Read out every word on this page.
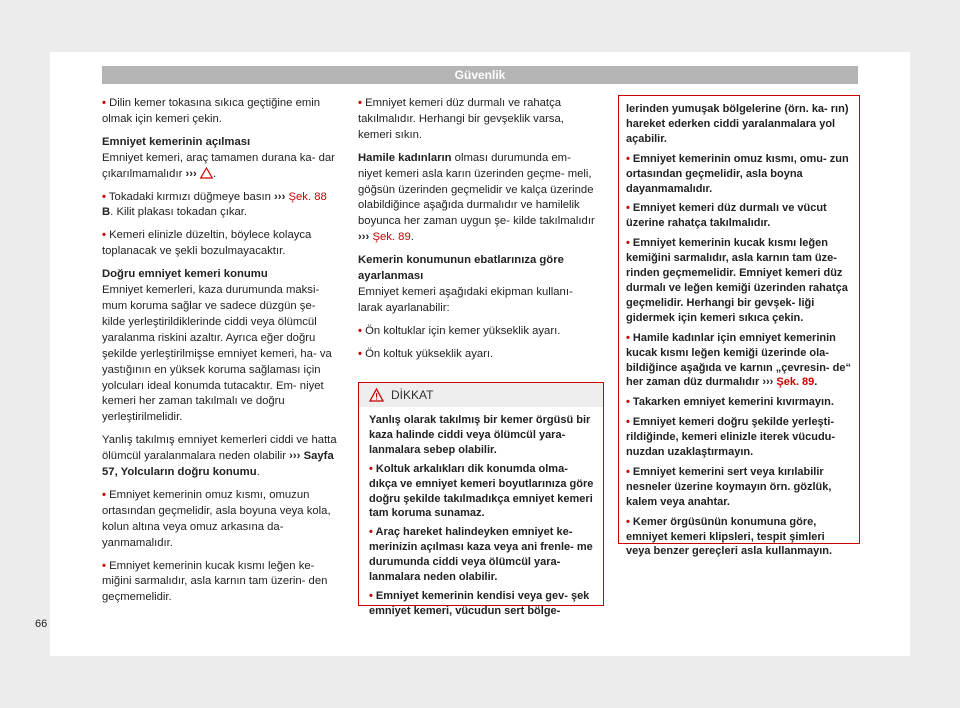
Güvenlik

• Dilin kemer tokasına sıkıca geçtiğine emin olmak için kemeri çekin.

Emniyet kemerinin açılması

Emniyet kemeri, araç tamamen durana ka- dar çıkarılmamalıdır ››› .

• Tokadaki kırmızı düğmeye basın ››› Şek. 88 B. Kilit plakası tokadan çıkar.

• Kemeri elinizle düzeltin, böylece kolayca toplanacak ve şekli bozulmayacaktır.

Doğru emniyet kemeri konumu

Emniyet kemerleri, kaza durumunda maksi- mum koruma sağlar ve sadece düzgün şe- kilde yerleştirildiklerinde ciddi veya ölümcül yaralanma riskini azaltır. Ayrıca eğer doğru şekilde yerleştirilmişse emniyet kemeri, ha- va yastığının en yüksek koruma sağlaması için yolcuları ideal konumda tutacaktır. Em- niyet kemeri her zaman takılmalı ve doğru yerleştirilmelidir.

Yanlış takılmış emniyet kemerleri ciddi ve hatta ölümcül yaralanmalara neden olabilir ››› Sayfa 57, Yolcuların doğru konumu.

• Emniyet kemerinin omuz kısmı, omuzun ortasından geçmelidir, asla boyuna veya kola, kolun altına veya omuz arkasına da- yanmamalıdır.

• Emniyet kemerinin kucak kısmı leğen ke- miğini sarmalıdır, asla karnın tam üzerin- den geçmemelidir.

• Emniyet kemeri düz durmalı ve rahatça takılmalıdır. Herhangi bir gevşeklik varsa, kemeri sıkın.

Hamile kadınların olması durumunda em- niyet kemeri asla karın üzerinden geçme- meli, göğsün üzerinden geçmelidir ve kalça üzerinde olabildiğince aşağıda durmalıdır ve hamilelik boyunca her zaman uygun şe- kilde takılmalıdır ››› Şek. 89.

Kemerin konumunun ebatlarınıza göre ayarlanması

Emniyet kemeri aşağıdaki ekipman kullanı- larak ayarlanabilir:

• Ön koltuklar için kemer yükseklik ayarı.

• Ön koltuk yükseklik ayarı.

DİKKAT

Yanlış olarak takılmış bir kemer örgüsü bir kaza halinde ciddi veya ölümcül yara- lanmalara sebep olabilir.

• Koltuk arkalıkları dik konumda olma- dıkça ve emniyet kemeri boyutlarınıza göre doğru şekilde takılmadıkça emniyet kemeri tam koruma sunamaz.

• Araç hareket halindeyken emniyet ke- merinizin açılması kaza veya ani frenle- me durumunda ciddi veya ölümcül yara- lanmalara neden olabilir.

• Emniyet kemerinin kendisi veya gev- şek emniyet kemeri, vücudun sert bölge-

lerinden yumuşak bölgelerine (örn. ka- rın) hareket ederken ciddi yaralanmalara yol açabilir.

• Emniyet kemerinin omuz kısmı, omu- zun ortasından geçmelidir, asla boyna dayanmamalıdır.

• Emniyet kemeri düz durmalı ve vücut üzerine rahatça takılmalıdır.

• Emniyet kemerinin kucak kısmı leğen kemiğini sarmalıdır, asla karnın tam üze- rinden geçmemelidir. Emniyet kemeri düz durmalı ve leğen kemiği üzerinden rahatça geçmelidir. Herhangi bir gevşek- liği gidermek için kemeri sıkıca çekin.

• Hamile kadınlar için emniyet kemerinin kucak kısmı leğen kemiği üzerinde ola- bildiğince aşağıda ve karnın „çevresin- de“ her zaman düz durmalıdır ››› Şek. 89.

• Takarken emniyet kemerini kıvırmayın.

• Emniyet kemeri doğru şekilde yerleşti- rildiğinde, kemeri elinizle iterek vücudu- nuzdan uzaklaştırmayın.

• Emniyet kemerini sert veya kırılabilir nesneler üzerine koymayın örn. gözlük, kalem veya anahtar.

• Kemer örgüsünün konumuna göre, emniyet kemeri klipsleri, tespit şimleri veya benzer gereçleri asla kullanmayın.

66
